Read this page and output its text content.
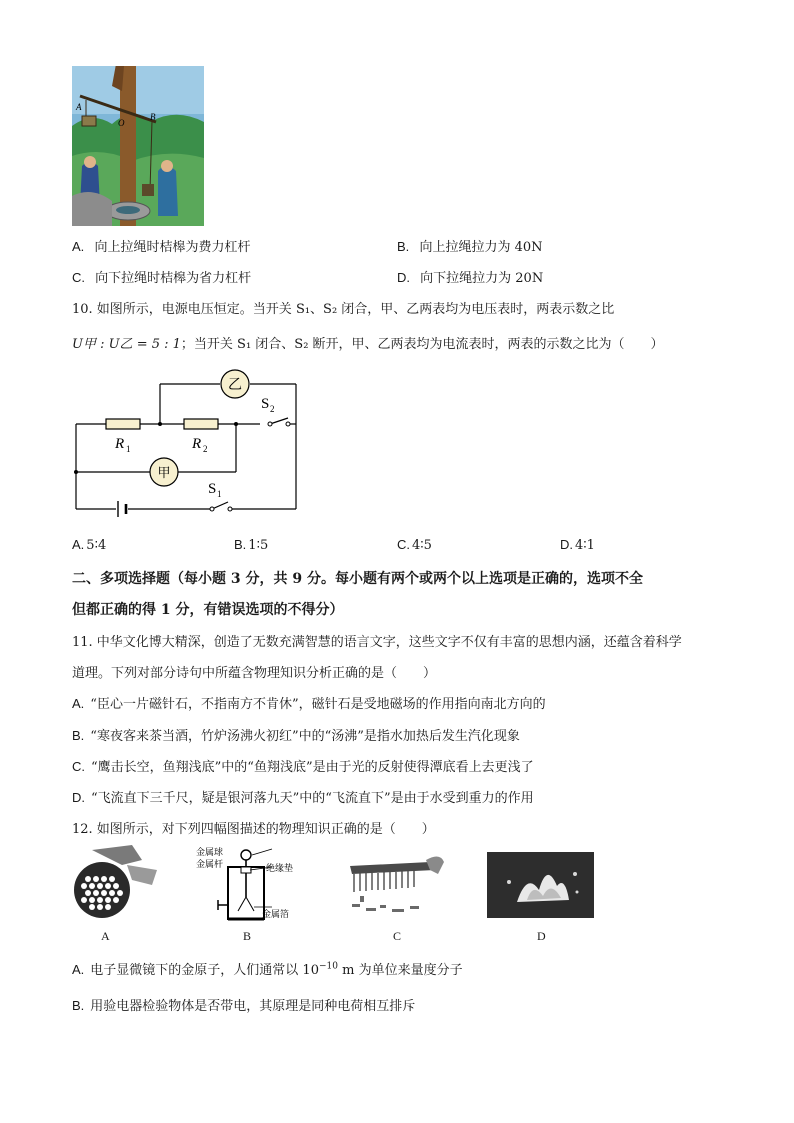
A
O
B
A. 向上拉绳时桔槔为费力杠杆	B. 向上拉绳拉力为 40N
C. 向下拉绳时桔槔为省力杠杆	D. 向下拉绳拉力为 20N
10. 如图所示，电源电压恒定。当开关 S₁、S₂ 闭合，甲、乙两表均为电压表时，两表示数之比
U甲 : U乙 = 5 : 1；当开关 S₁ 闭合、S₂ 断开，甲、乙两表均为电流表时，两表的示数之比为（　　）
乙
甲
R 1	R 2
S 2
S 1
A. 5∶4	B. 1∶5	C. 4∶5	D. 4∶1
二、多项选择题（每小题 3 分，共 9 分。每小题有两个或两个以上选项是正确的，选项不全
但都正确的得 1 分，有错误选项的不得分）
11. 中华文化博大精深，创造了无数充满智慧的语言文字，这些文字不仅有丰富的思想内涵，还蕴含着科学
道理。下列对部分诗句中所蕴含物理知识分析正确的是（　　）
A. “臣心一片磁针石，不指南方不肯休”，磁针石是受地磁场的作用指向南北方向的
B. “寒夜客来茶当酒，竹炉汤沸火初红”中的“汤沸”是指水加热后发生汽化现象
C. “鹰击长空，鱼翔浅底”中的“鱼翔浅底”是由于光的反射使得潭底看上去更浅了
D. “飞流直下三千尺，疑是银河落九天”中的“飞流直下”是由于水受到重力的作用
12. 如图所示，对下列四幅图描述的物理知识正确的是（　　）
A
金属球
金属杆	绝缘垫
金属箔
B	C	D
A. 电子显微镜下的金原子，人们通常以 $10^{-10}$ m 为单位来量度分子
B. 用验电器检验物体是否带电，其原理是同种电荷相互排斥
